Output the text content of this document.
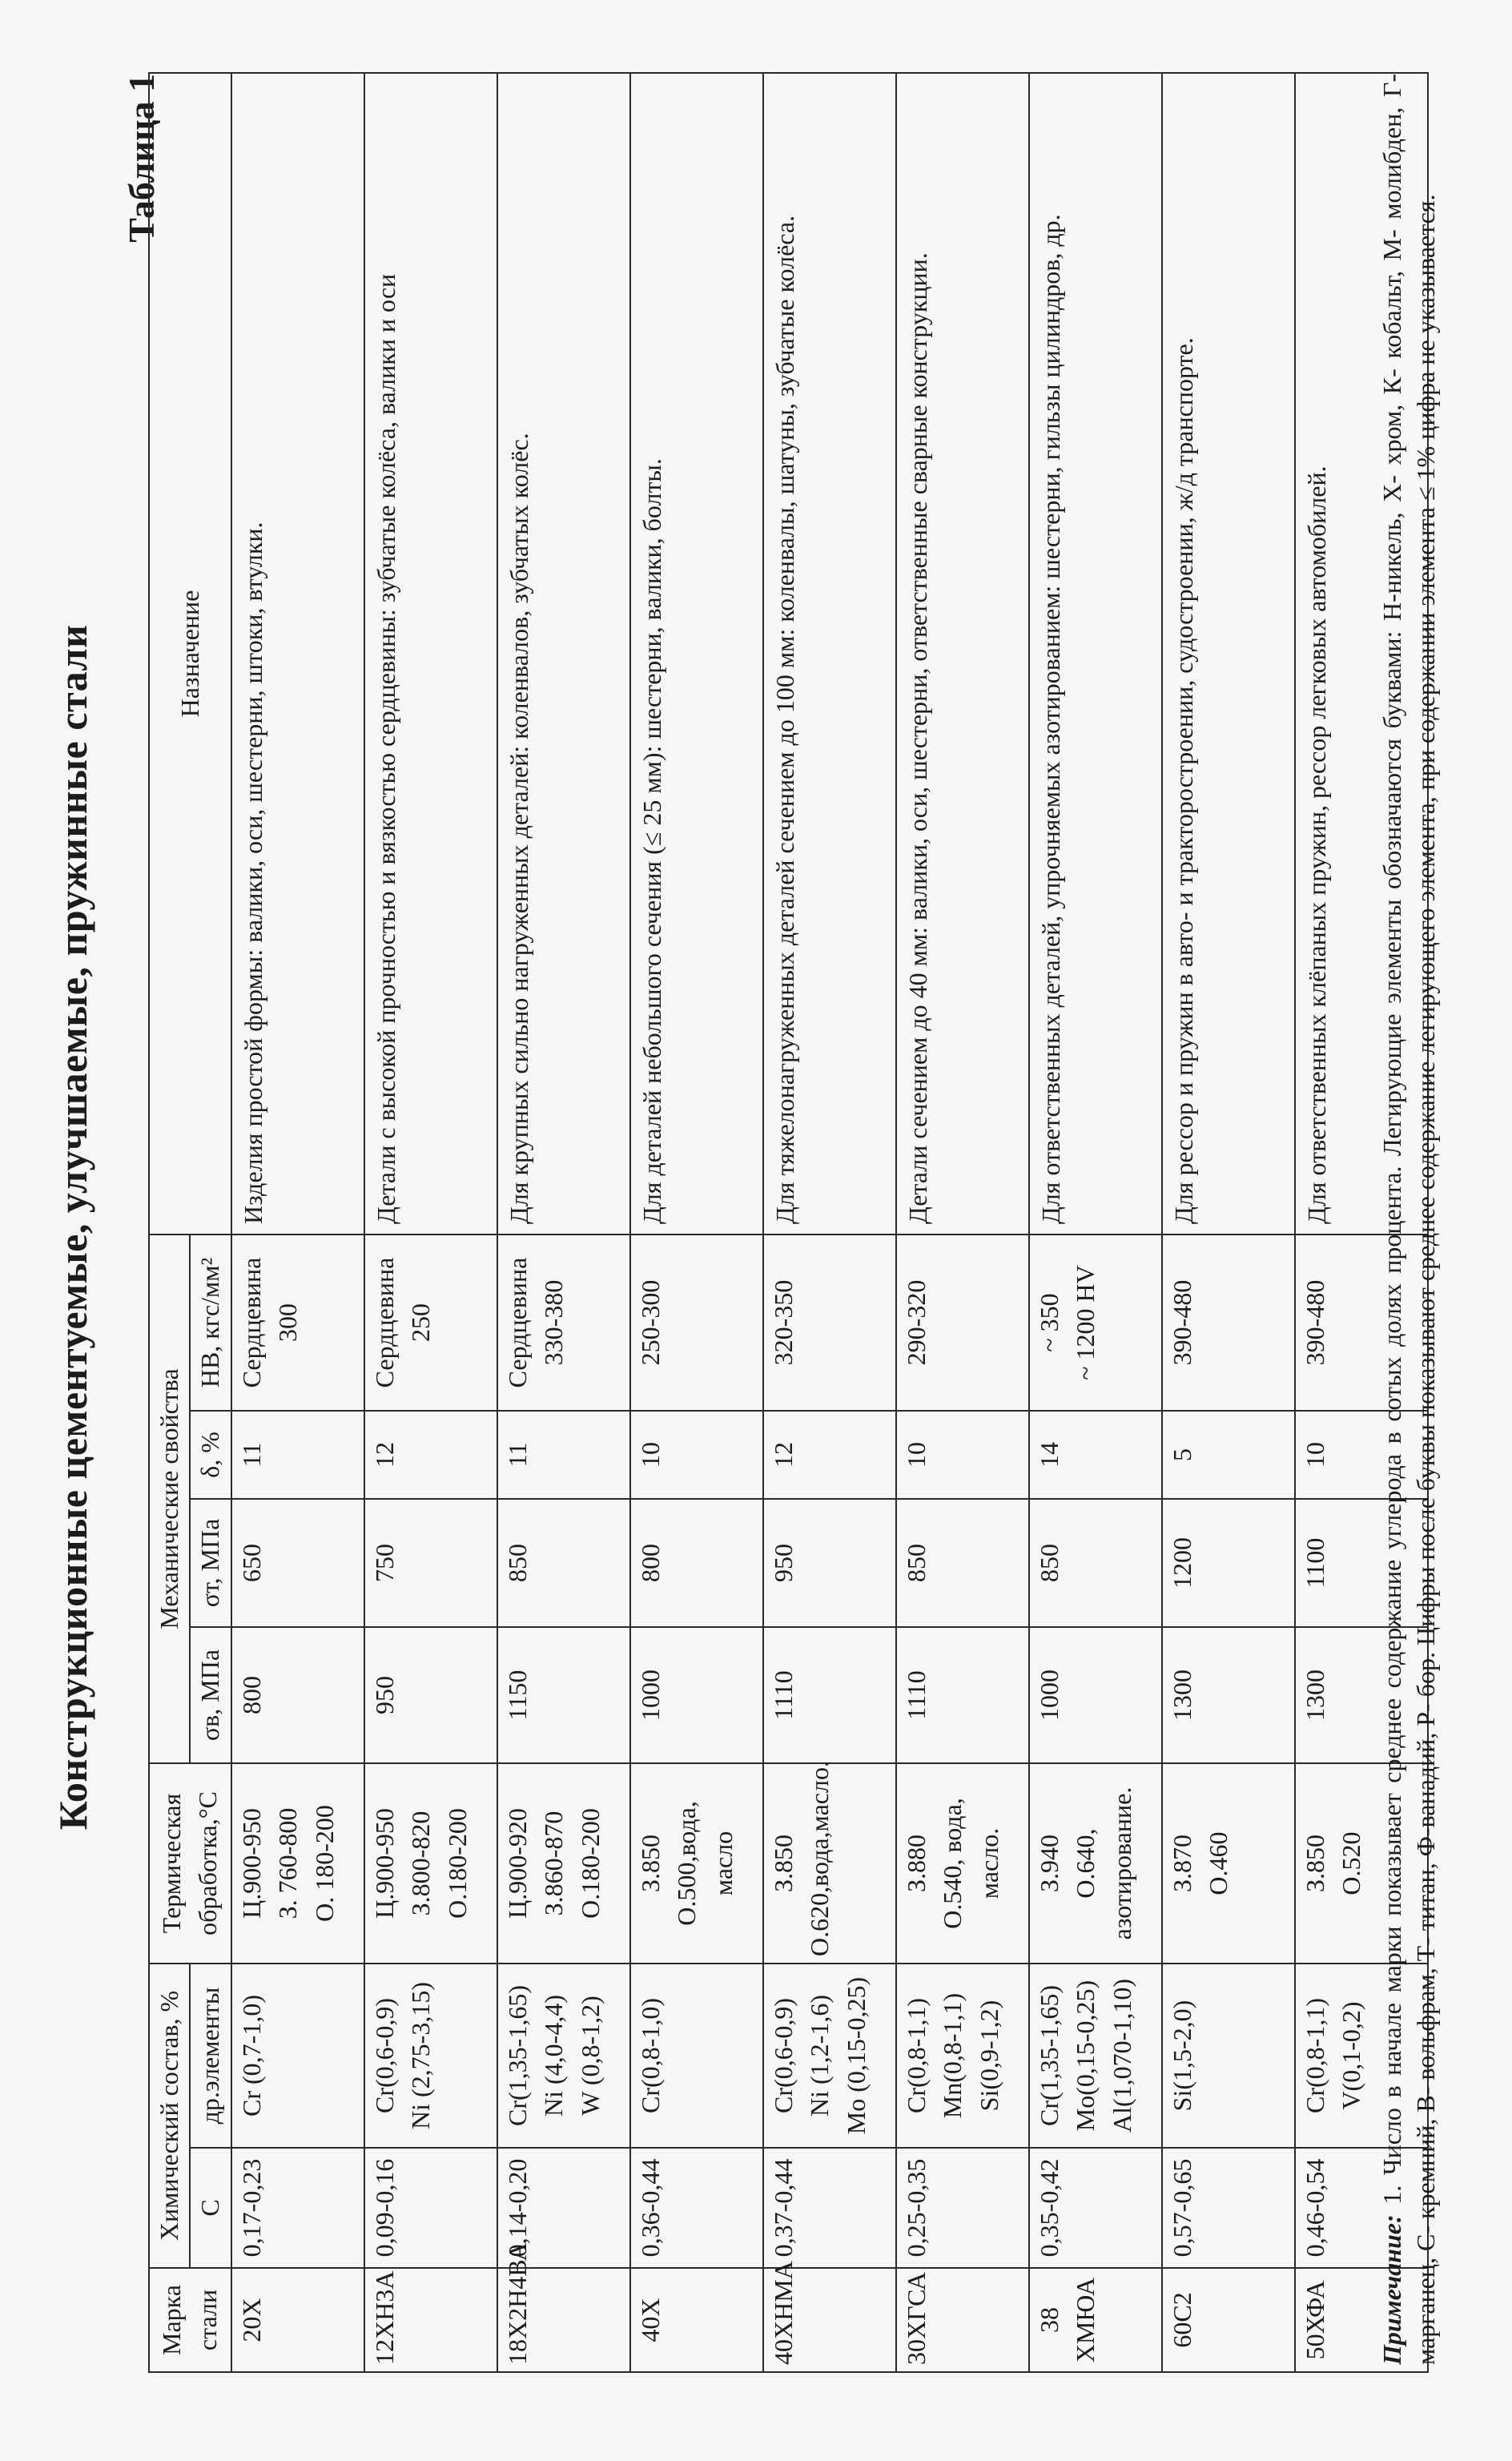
Конструкционные цементуемые, улучшаемые, пружинные стали
Таблица 1
Марка стали	Химический состав, %		Термическая обработка,°С	Механические свойства				Назначение
	C	др.элементы		σв, МПа	σт, МПа	δ, %	НВ, кгс/мм²	
20Х	0,17-0,23	Cr (0,7-1,0)	Ц.900-950 З. 760-800 О. 180-200	800	650	11	Сердцевина 300	Изделия простой формы: валики, оси, шестерни, штоки, втулки.

12ХН3А	0,09-0,16	Cr(0,6-0,9) Ni (2,75-3,15)	Ц.900-950 З.800-820 О.180-200	950	750	12	Сердцевина 250	Детали с высокой прочностью и вязкостью сердцевины: зубчатые колёса, валики и оси

18Х2Н4ВА	0,14-0,20	Cr(1,35-1,65) Ni (4,0-4,4) W (0,8-1,2)	Ц.900-920 З.860-870 О.180-200	1150	850	11	Сердцевина 330-380	Для крупных сильно нагруженных деталей: коленвалов, зубчатых колёс.

40Х	0,36-0,44	Cr(0,8-1,0)	З.850 О.500,вода, масло	1000	800	10	250-300	Для деталей небольшого сечения (≤ 25 мм): шестерни, валики, болты.

40ХНМА	0,37-0,44	Cr(0,6-0,9) Ni (1,2-1,6) Mo (0,15-0,25)	З.850 О.620,вода,масло.	1110	950	12	320-350	Для тяжелонагруженных деталей сечением до 100 мм: коленвалы, шатуны, зубчатые колёса.

30ХГСА	0,25-0,35	Cr(0,8-1,1) Mn(0,8-1,1) Si(0,9-1,2)	З.880 О.540, вода, масло.	1110	850	10	290-320	Детали сечением до 40 мм: валики, оси, шестерни, ответственные сварные конструкции.

38 ХМЮА	0,35-0,42	Cr(1,35-1,65) Mo(0,15-0,25) Al(1,070-1,10)	З.940 О.640, азотирование.	1000	850	14	~ 350 ~ 1200 HV	Для ответственных деталей, упрочняемых азотированием: шестерни, гильзы цилиндров, др.

60С2	0,57-0,65	Si(1,5-2,0)	З.870 О.460	1300	1200	5	390-480	Для рессор и пружин в авто- и тракторостроении, судостроении, ж/д транспорте.

50ХФА	0,46-0,54	Cr(0,8-1,1) V(0,1-0,2)	З.850 О.520	1300	1100	10	390-480	Для ответственных клёпаных пружин, рессор легковых автомобилей.
Примечание: 1. Число в начале марки показывает среднее содержание углерода в сотых долях процента. Легирующие элементы обозначаются буквами: Н-никель, Х- хром, К- кобальт, М- молибден, Г- марганец, С- кремний, В- вольфрам, Т- титан, Ф-ванадий, Р- бор. Цифры после буквы показывают среднее содержание легирующего элемента, при содержании элемента ≤ 1% цифра не указывается.
